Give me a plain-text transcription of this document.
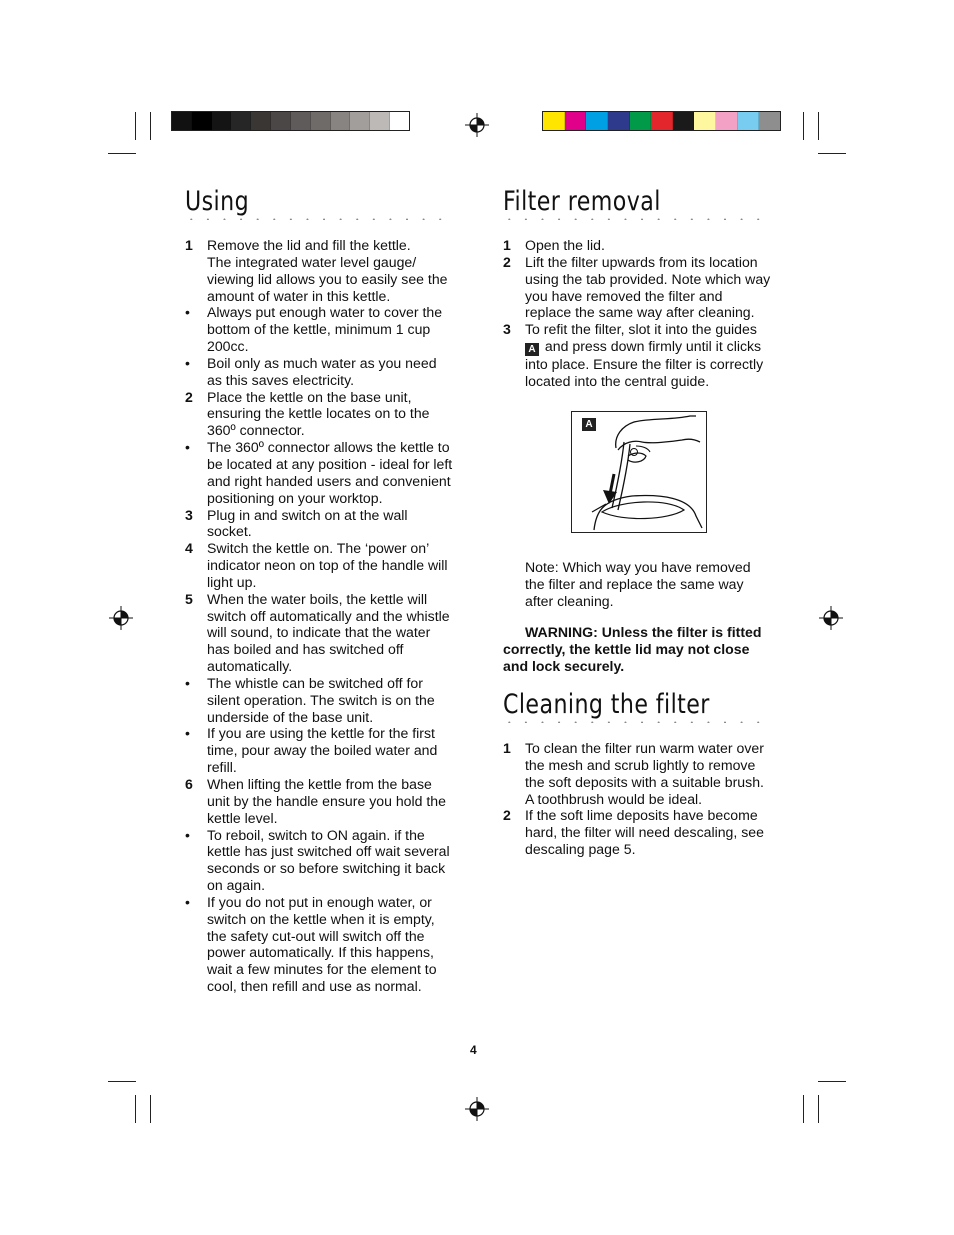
Using
1	Remove the lid and fill the kettle.

The integrated water level gauge/ viewing lid allows you to easily see the amount of water in this kettle.

•	Always put enough water to cover the bottom of the kettle, minimum 1 cup 200cc.

•	Boil only as much water as you need as this saves electricity.

2	Place the kettle on the base unit, ensuring the kettle locates on to the 360º connector.

•	The 360º connector allows the kettle to be located at any position - ideal for left and right handed users and convenient positioning on your worktop.

3	Plug in and switch on at the wall socket.

4	Switch the kettle on. The ‘power on’ indicator neon on top of the handle will light up.

5	When the water boils, the kettle will switch off automatically and the whistle will sound, to indicate that the water has boiled and has switched off automatically.

•	The whistle can be switched off for silent operation. The switch is on the underside of the base unit.

•	If you are using the kettle for the first time, pour away the boiled water and refill.

6	When lifting the kettle from the base unit by the handle ensure you hold the kettle level.

•	To reboil, switch to ON again. if the kettle has just switched off wait several seconds or so before switching it back on again.

•	If you do not put in enough water, or switch on the kettle when it is empty, the safety cut-out will switch off the power automatically. If this happens, wait a few minutes for the element to cool, then refill and use as normal.

Filter removal
1	Open the lid.
2	Lift the filter upwards from its location using the tab provided. Note which way you have removed the filter and replace the same way after cleaning.
3	To refit the filter, slot it into the guides
A and press down firmly until it clicks into place. Ensure the filter is correctly located into the central guide.
A
Note: Which way you have removed the filter and replace the same way after cleaning.
WARNING: Unless the filter is fitted correctly, the kettle lid may not close and lock securely.
Cleaning the filter
1	To clean the filter run warm water over the mesh and scrub lightly to remove the soft deposits with a suitable brush. A toothbrush would be ideal.
2	If the soft lime deposits have become hard, the filter will need descaling, see descaling page 5.
4
